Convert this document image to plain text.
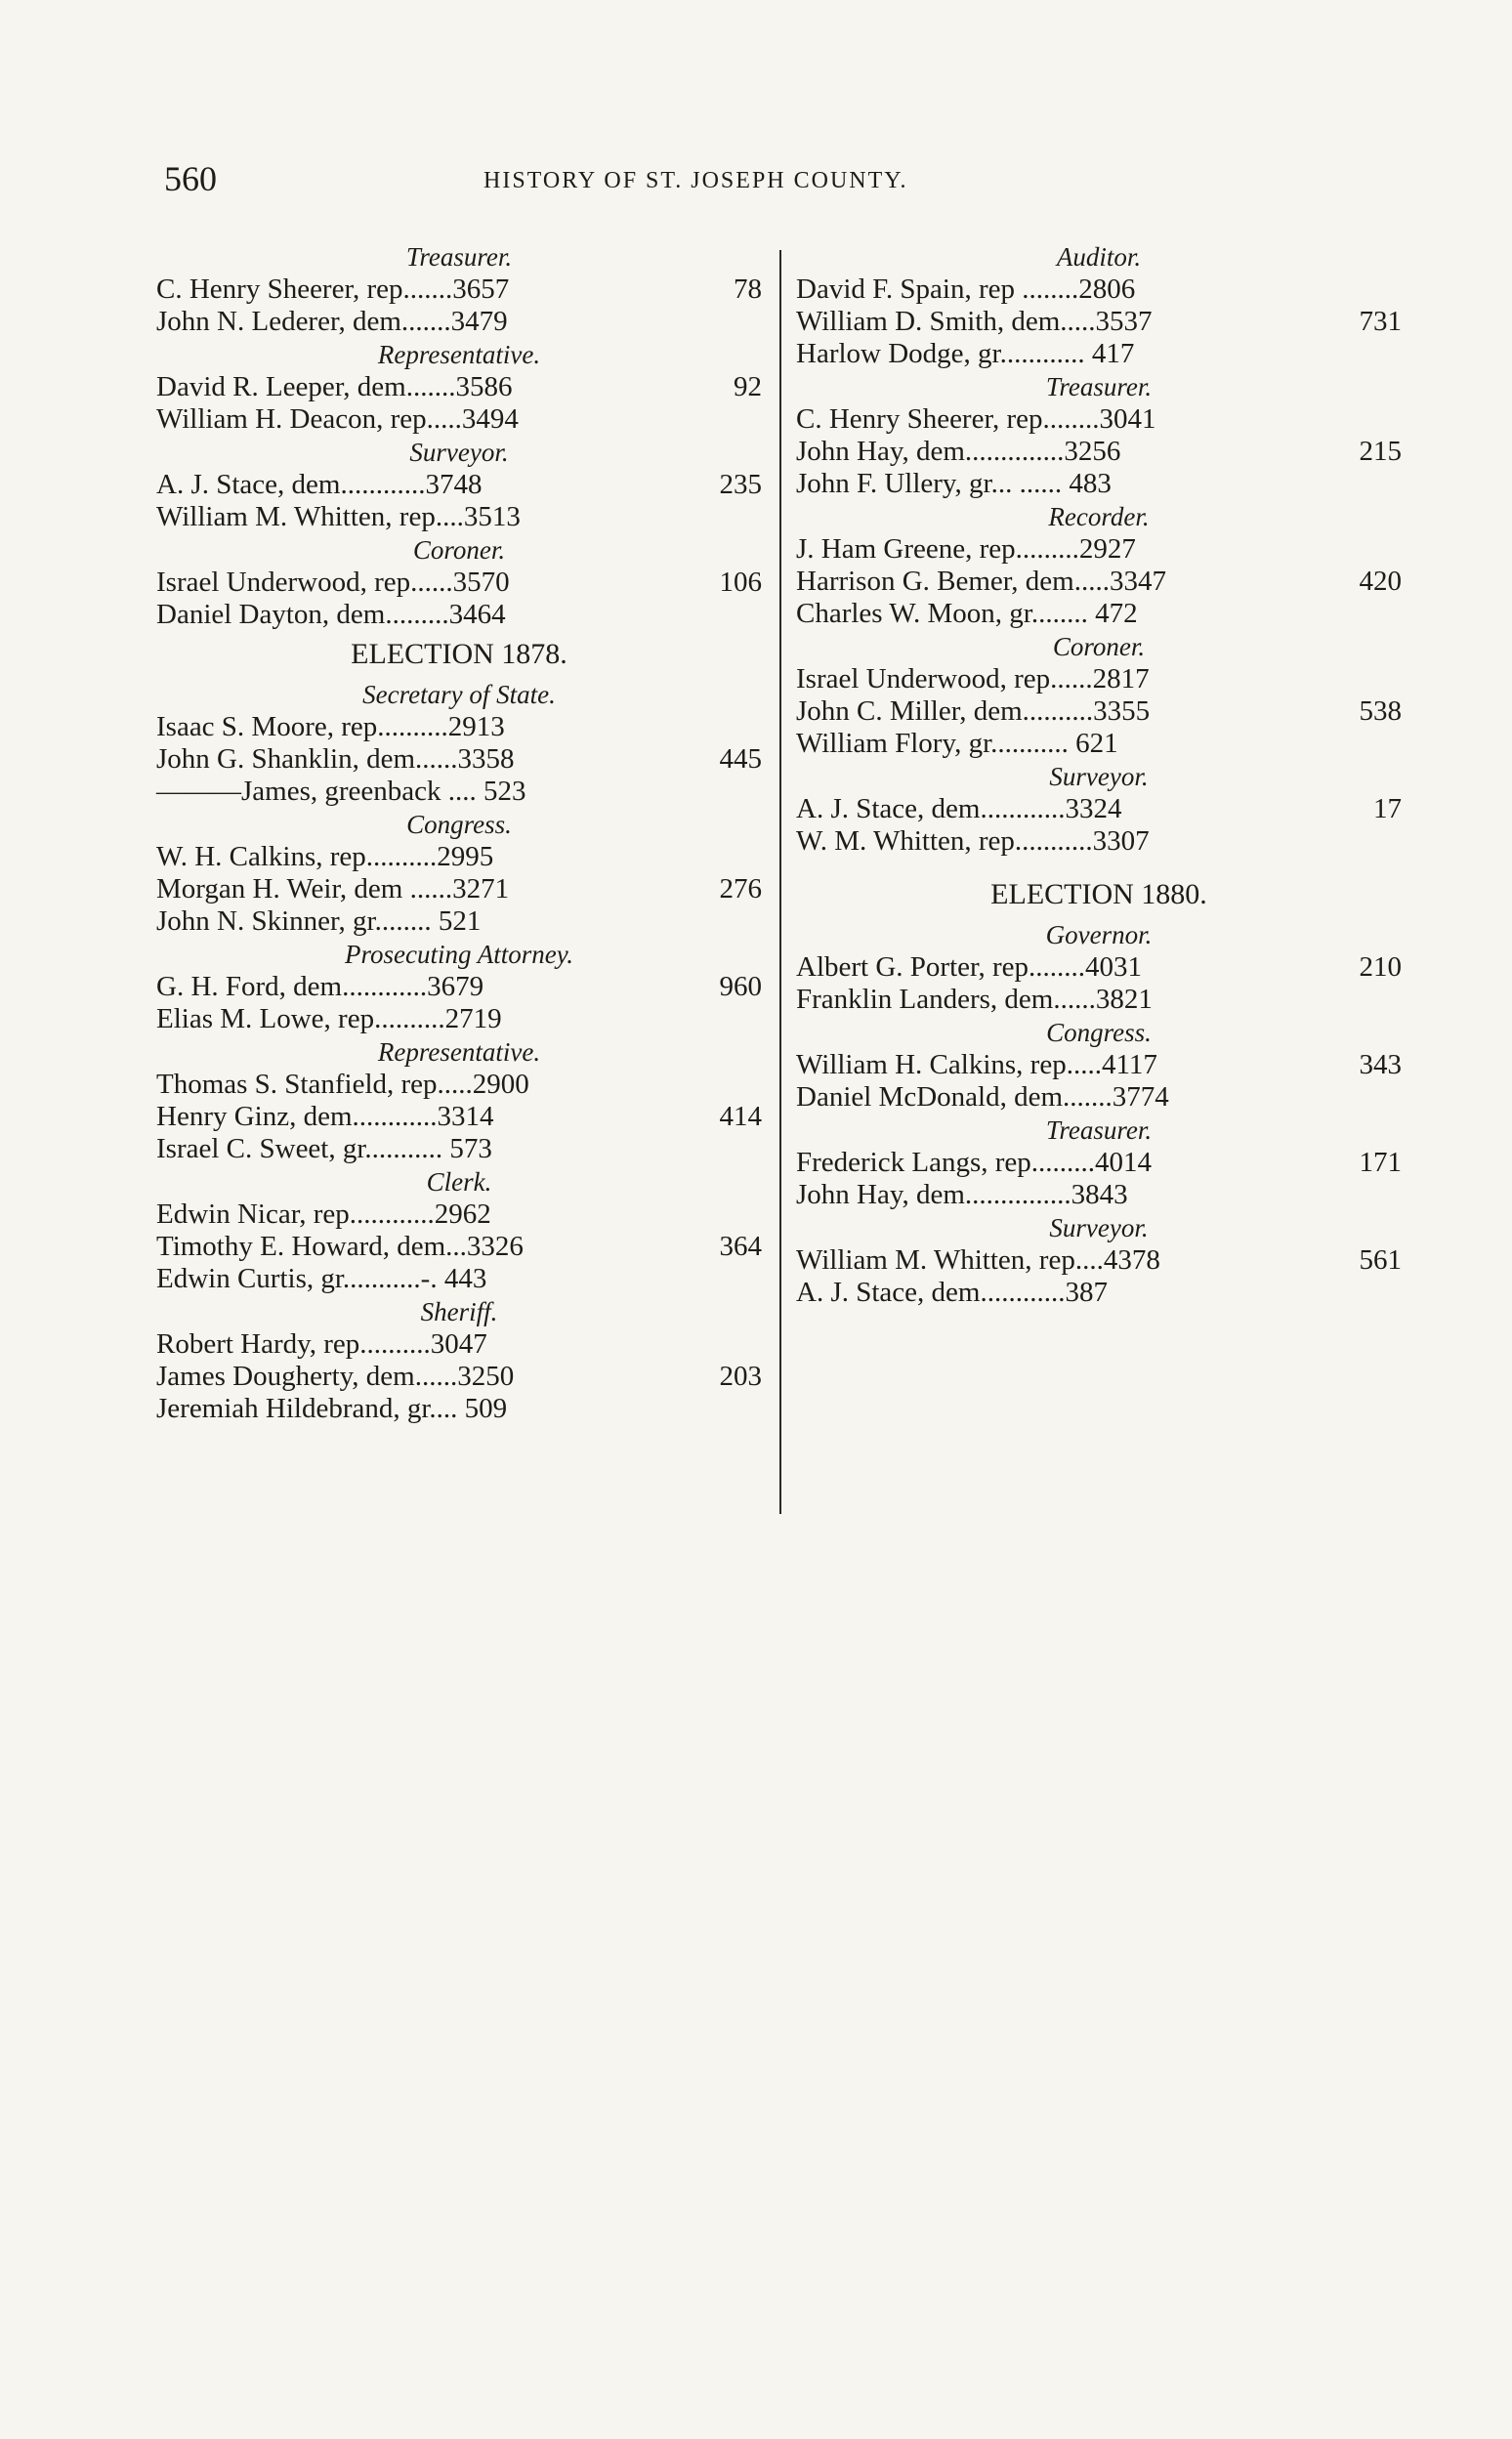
560	HISTORY OF ST. JOSEPH COUNTY.
Treasurer.
C. Henry Sheerer, rep.......3657	78
John N. Lederer, dem.......3479
Representative.
David R. Leeper, dem.......3586	92
William H. Deacon, rep.....3494
Surveyor.
A. J. Stace, dem............3748	235
William M. Whitten, rep....3513
Coroner.
Israel Underwood, rep......3570	106
Daniel Dayton, dem.........3464
ELECTION 1878.
Secretary of State.
Isaac S. Moore, rep..........2913
John G. Shanklin, dem......3358	445
———James, greenback .... 523
Congress.
W. H. Calkins, rep..........2995
Morgan H. Weir, dem ......3271	276
John N. Skinner, gr........ 521
Prosecuting Attorney.
G. H. Ford, dem............3679	960
Elias M. Lowe, rep..........2719
Representative.
Thomas S. Stanfield, rep.....2900
Henry Ginz, dem............3314	414
Israel C. Sweet, gr........... 573
Clerk.
Edwin Nicar, rep............2962
Timothy E. Howard, dem...3326	364
Edwin Curtis, gr...........-. 443
Sheriff.
Robert Hardy, rep..........3047
James Dougherty, dem......3250	203
Jeremiah Hildebrand, gr.... 509
Auditor.
David F. Spain, rep ........2806
William D. Smith, dem.....3537	731
Harlow Dodge, gr............ 417
Treasurer.
C. Henry Sheerer, rep........3041
John Hay, dem..............3256	215
John F. Ullery, gr... ...... 483
Recorder.
J. Ham Greene, rep.........2927
Harrison G. Bemer, dem.....3347	420
Charles W. Moon, gr........ 472
Coroner.
Israel Underwood, rep......2817
John C. Miller, dem..........3355	538
William Flory, gr........... 621
Surveyor.
A. J. Stace, dem............3324	17
W. M. Whitten, rep...........3307
ELECTION 1880.
Governor.
Albert G. Porter, rep........4031	210
Franklin Landers, dem......3821
Congress.
William H. Calkins, rep.....4117	343
Daniel McDonald, dem.......3774
Treasurer.
Frederick Langs, rep.........4014	171
John Hay, dem...............3843
Surveyor.
William M. Whitten, rep....4378	561
A. J. Stace, dem............387
